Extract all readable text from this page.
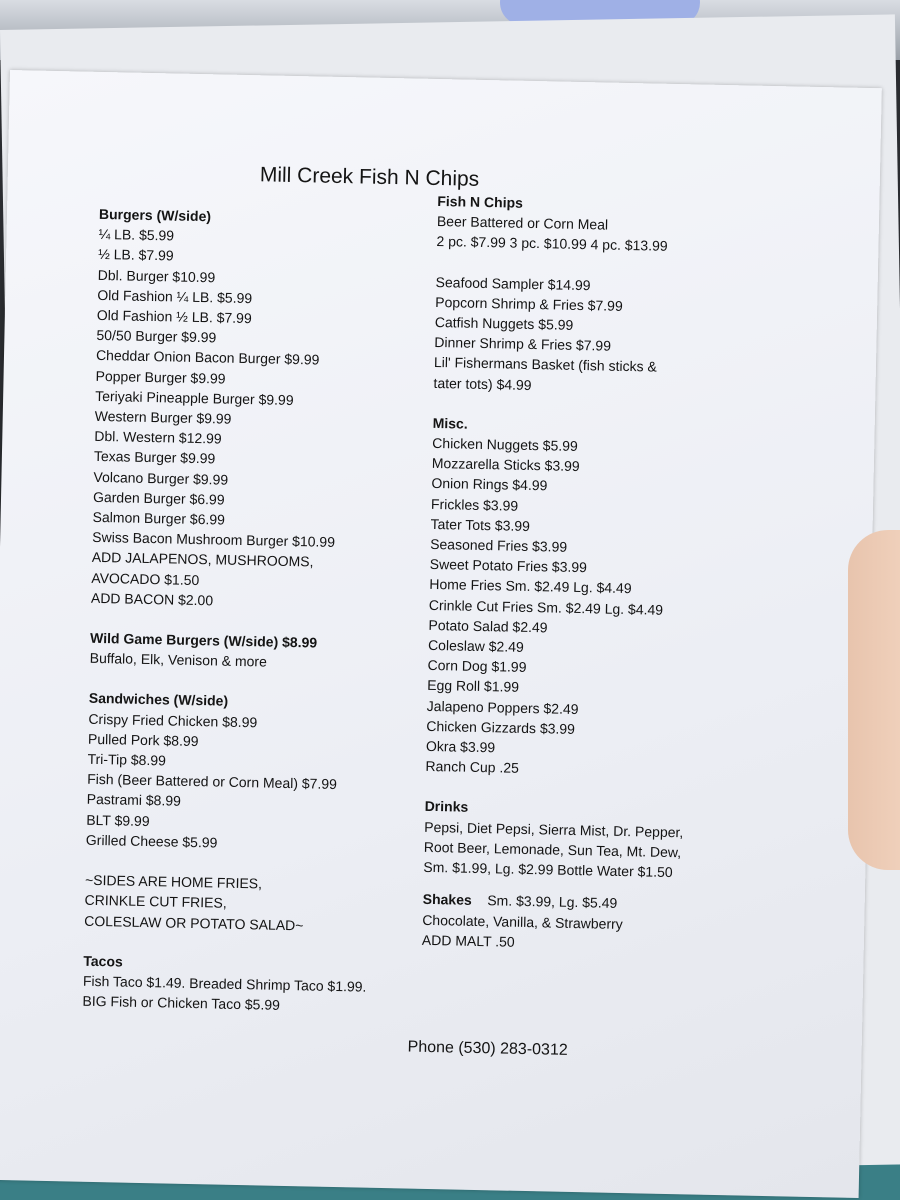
Mill Creek Fish N Chips
Burgers (W/side)
¼ LB. $5.99
½ LB. $7.99
Dbl. Burger $10.99
Old Fashion ¼ LB. $5.99
Old Fashion ½ LB. $7.99
50/50 Burger $9.99
Cheddar Onion Bacon Burger $9.99
Popper Burger $9.99
Teriyaki Pineapple Burger $9.99
Western Burger $9.99
Dbl. Western $12.99
Texas Burger $9.99
Volcano Burger $9.99
Garden Burger $6.99
Salmon Burger $6.99
Swiss Bacon Mushroom Burger $10.99
ADD JALAPENOS, MUSHROOMS,
AVOCADO $1.50
ADD BACON $2.00
Wild Game Burgers (W/side) $8.99
Buffalo, Elk, Venison & more
Sandwiches (W/side)
Crispy Fried Chicken $8.99
Pulled Pork $8.99
Tri-Tip $8.99
Fish (Beer Battered or Corn Meal) $7.99
Pastrami $8.99
BLT $9.99
Grilled Cheese $5.99
~SIDES ARE HOME FRIES,
CRINKLE CUT FRIES,
COLESLAW OR POTATO SALAD~
Tacos
Fish Taco $1.49. Breaded Shrimp Taco $1.99.
BIG Fish or Chicken Taco $5.99
Fish N Chips
Beer Battered or Corn Meal
2 pc. $7.99 3 pc. $10.99 4 pc. $13.99
Seafood Sampler $14.99
Popcorn Shrimp & Fries $7.99
Catfish Nuggets $5.99
Dinner Shrimp & Fries $7.99
Lil' Fishermans Basket (fish sticks &
tater tots) $4.99
Misc.
Chicken Nuggets $5.99
Mozzarella Sticks $3.99
Onion Rings $4.99
Frickles $3.99
Tater Tots $3.99
Seasoned Fries $3.99
Sweet Potato Fries $3.99
Home Fries Sm. $2.49 Lg. $4.49
Crinkle Cut Fries Sm. $2.49 Lg. $4.49
Potato Salad $2.49
Coleslaw $2.49
Corn Dog $1.99
Egg Roll $1.99
Jalapeno Poppers $2.49
Chicken Gizzards $3.99
Okra $3.99
Ranch Cup .25
Drinks
Pepsi, Diet Pepsi, Sierra Mist, Dr. Pepper,
Root Beer, Lemonade, Sun Tea, Mt. Dew,
Sm. $1.99, Lg. $2.99 Bottle Water $1.50
Shakes Sm. $3.99, Lg. $5.49
Chocolate, Vanilla, & Strawberry
ADD MALT .50
Phone (530) 283-0312
